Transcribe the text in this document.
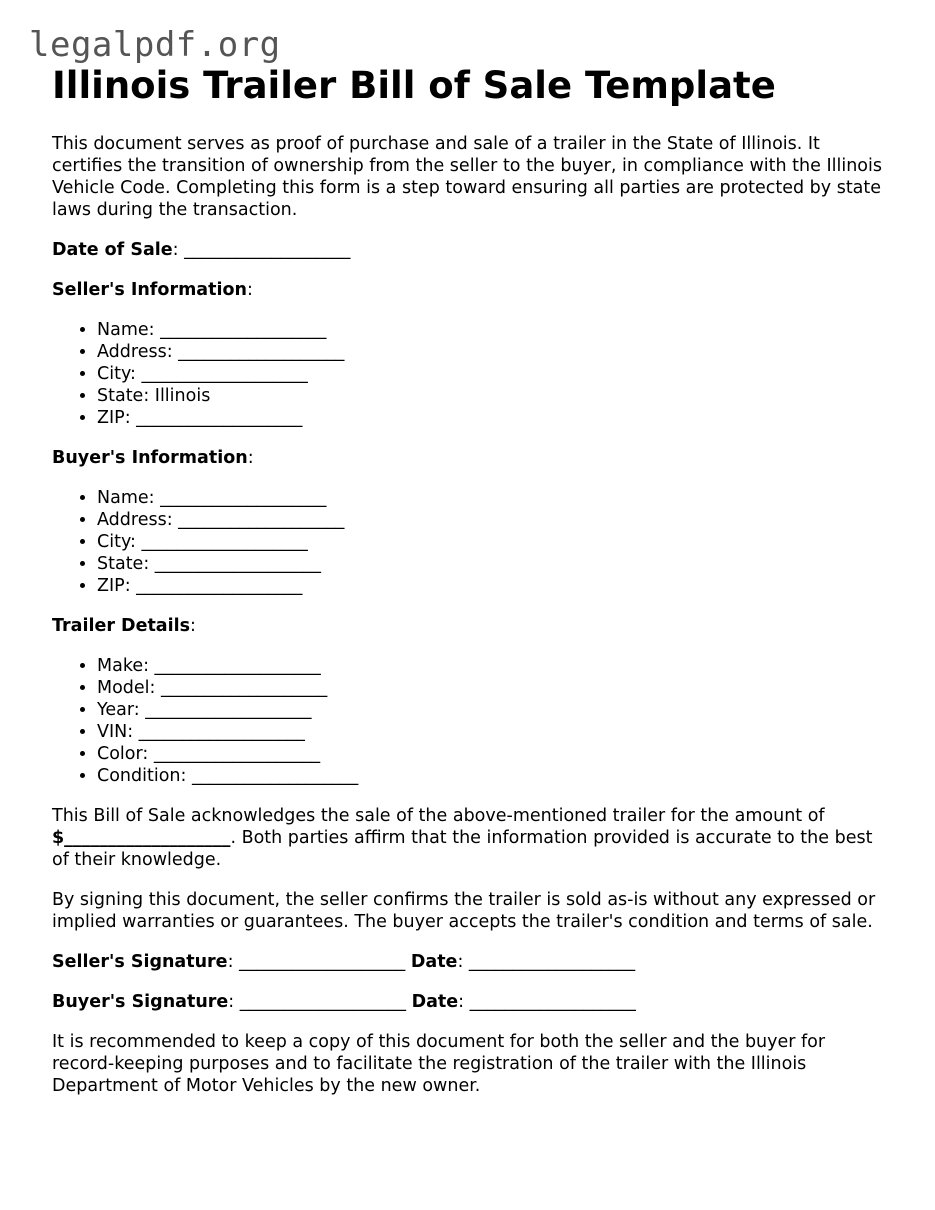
legalpdf.org
Illinois Trailer Bill of Sale Template

This document serves as proof of purchase and sale of a trailer in the State of Illinois. It certifies the transition of ownership from the seller to the buyer, in compliance with the Illinois Vehicle Code. Completing this form is a step toward ensuring all parties are protected by state laws during the transaction.

Date of Sale: ___________________

Seller's Information:

• Name: ___________________
• Address: ___________________
• City: ___________________
• State: Illinois
• ZIP: ___________________

Buyer's Information:

• Name: ___________________
• Address: ___________________
• City: ___________________
• State: ___________________
• ZIP: ___________________

Trailer Details:

• Make: ___________________
• Model: ___________________
• Year: ___________________
• VIN: ___________________
• Color: ___________________
• Condition: ___________________

This Bill of Sale acknowledges the sale of the above-mentioned trailer for the amount of $___________________. Both parties affirm that the information provided is accurate to the best of their knowledge.

By signing this document, the seller confirms the trailer is sold as-is without any expressed or implied warranties or guarantees. The buyer accepts the trailer's condition and terms of sale.

Seller's Signature: ___________________ Date: ___________________

Buyer's Signature: ___________________ Date: ___________________

It is recommended to keep a copy of this document for both the seller and the buyer for record-keeping purposes and to facilitate the registration of the trailer with the Illinois Department of Motor Vehicles by the new owner.
